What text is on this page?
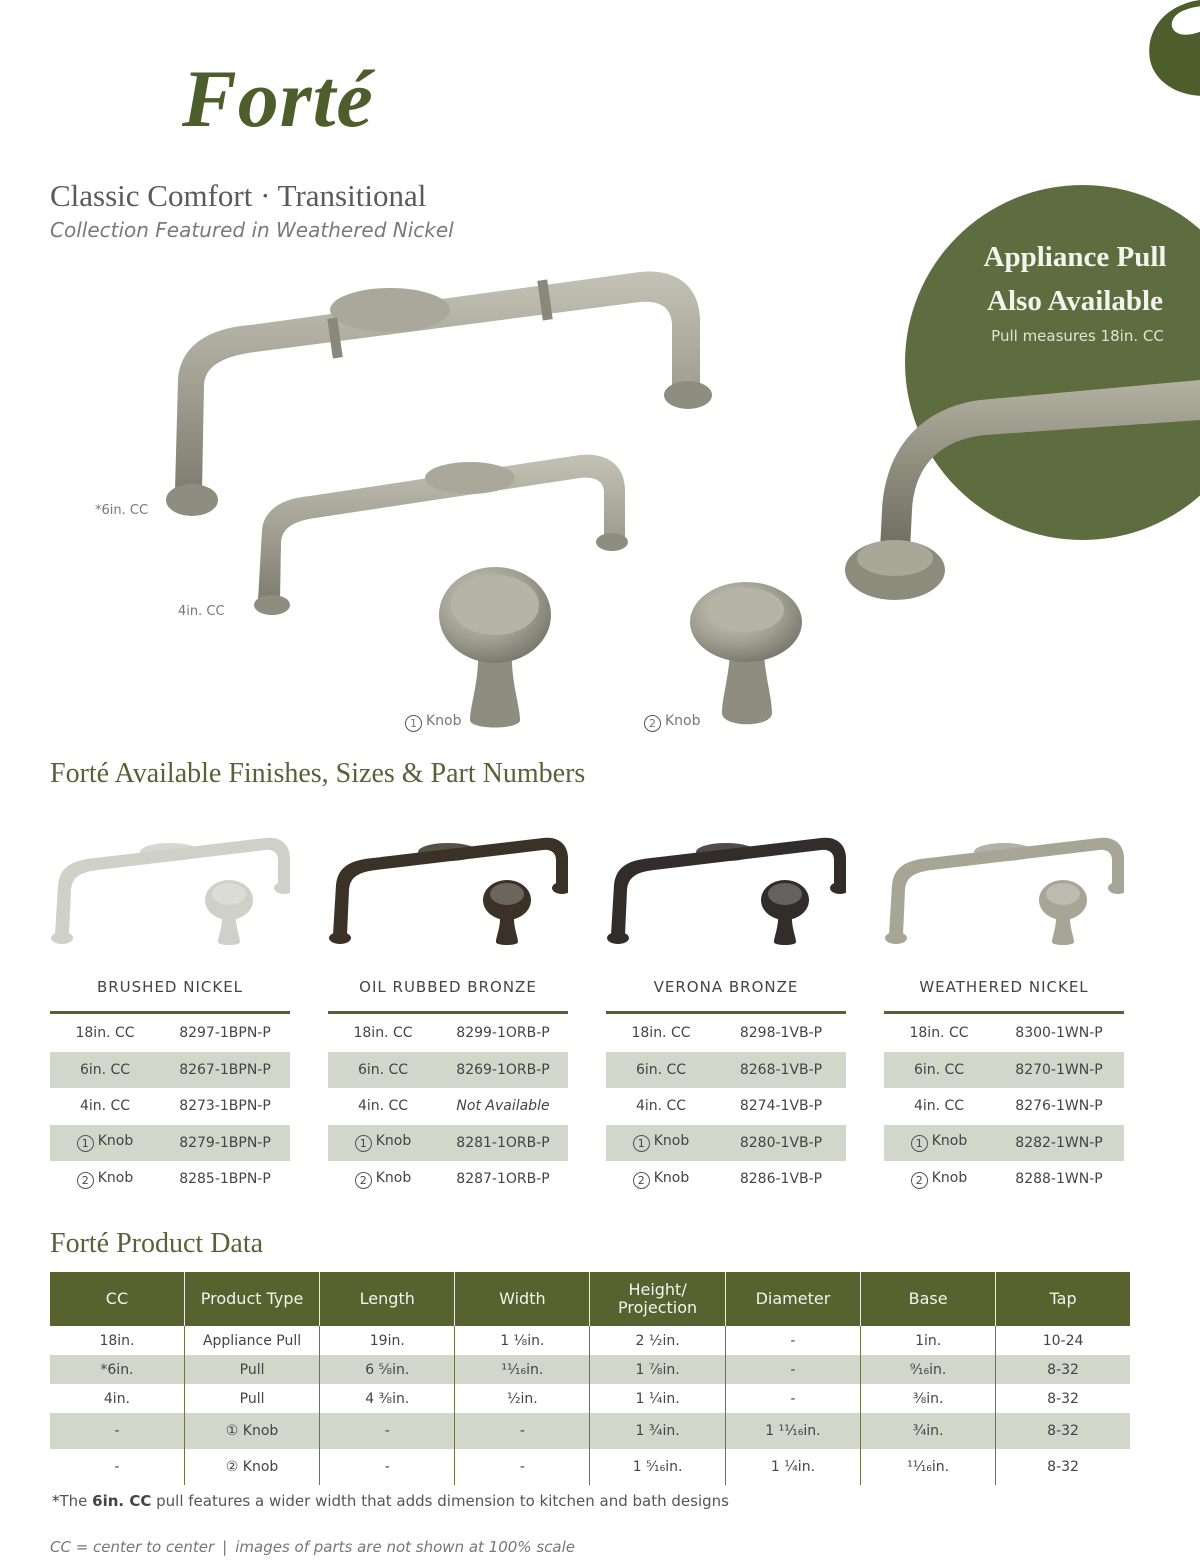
Forté
Classic Comfort · Transitional
Collection Featured in Weathered Nickel
Appliance Pull
Also Available
Pull measures 18in. CC
*6in. CC
4in. CC
1 Knob	2 Knob
Forté Available Finishes, Sizes & Part Numbers
BRUSHED NICKEL
18in. CC	8297-1BPN-P
6in. CC	8267-1BPN-P
4in. CC	8273-1BPN-P
1 Knob	8279-1BPN-P
2 Knob	8285-1BPN-P
OIL RUBBED BRONZE
18in. CC	8299-1ORB-P
6in. CC	8269-1ORB-P
4in. CC	Not Available
1 Knob	8281-1ORB-P
2 Knob	8287-1ORB-P
VERONA BRONZE
18in. CC	8298-1VB-P
6in. CC	8268-1VB-P
4in. CC	8274-1VB-P
1 Knob	8280-1VB-P
2 Knob	8286-1VB-P
WEATHERED NICKEL
18in. CC	8300-1WN-P
6in. CC	8270-1WN-P
4in. CC	8276-1WN-P
1 Knob	8282-1WN-P
2 Knob	8288-1WN-P
Forté Product Data
CC	Product Type	Length	Width	Height/ Projection	Diameter	Base	Tap
18in.	Appliance Pull	19in.	1 ⅛in.	2 ½in.	-	1in.	10-24
*6in.	Pull	6 ⅝in.	¹¹⁄₁₆in.	1 ⅞in.	-	⁹⁄₁₆in.	8-32
4in.	Pull	4 ⅜in.	½in.	1 ¼in.	-	⅜in.	8-32
-	① Knob	-	-	1 ¾in.	1 ¹¹⁄₁₆in.	¾in.	8-32
-	② Knob	-	-	1 ⁵⁄₁₆in.	1 ¼in.	¹¹⁄₁₆in.	8-32
*The 6in. CC pull features a wider width that adds dimension to kitchen and bath designs
CC = center to center | images of parts are not shown at 100% scale
